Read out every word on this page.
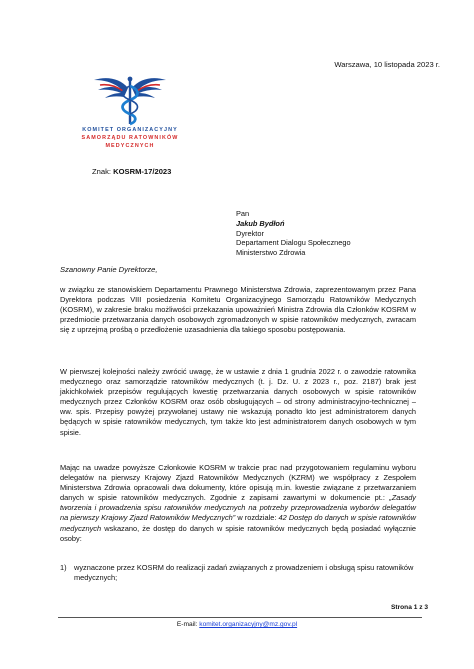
Warszawa, 10 listopada 2023 r.
KOMITET ORGANIZACYJNY
SAMORZĄDU RATOWNIKÓW
MEDYCZNYCH
Znak: KOSRM-17/2023
Pan
Jakub Bydłoń
Dyrektor
Departament Dialogu Społecznego
Ministerstwo Zdrowia
Szanowny Panie Dyrektorze,

w związku ze stanowiskiem Departamentu Prawnego Ministerstwa Zdrowia, zaprezentowanym przez Pana Dyrektora podczas VIII posiedzenia Komitetu Organizacyjnego Samorządu Ratowników Medycznych (KOSRM), w zakresie braku możliwości przekazania upoważnień Ministra Zdrowia dla Członków KOSRM w przedmiocie przetwarzania danych osobowych zgromadzonych w spisie ratowników medycznych, zwracam się z uprzejmą prośbą o przedłożenie uzasadnienia dla takiego sposobu postępowania.

W pierwszej kolejności należy zwrócić uwagę, że w ustawie z dnia 1 grudnia 2022 r. o zawodzie ratownika medycznego oraz samorządzie ratowników medycznych (t. j. Dz. U. z 2023 r., poz. 2187) brak jest jakichkolwiek przepisów regulujących kwestię przetwarzania danych osobowych w spisie ratowników medycznych przez Członków KOSRM oraz osób obsługujących – od strony administracyjno-technicznej – ww. spis. Przepisy powyżej przywołanej ustawy nie wskazują ponadto kto jest administratorem danych będących w spisie ratowników medycznych, tym także kto jest administratorem danych osobowych w tym spisie.

Mając na uwadze powyższe Członkowie KOSRM w trakcie prac nad przygotowaniem regulaminu wyboru delegatów na pierwszy Krajowy Zjazd Ratowników Medycznych (KZRM) we współpracy z Zespołem Ministerstwa Zdrowia opracowali dwa dokumenty, które opisują m.in. kwestie związane z przetwarzaniem danych w spisie ratowników medycznych. Zgodnie z zapisami zawartymi w dokumencie pt.: „Zasady tworzenia i prowadzenia spisu ratowników medycznych na potrzeby przeprowadzenia wyborów delegatów na pierwszy Krajowy Zjazd Ratowników Medycznych” w rozdziale: 42 Dostęp do danych w spisie ratowników medycznych wskazano, że dostęp do danych w spisie ratowników medycznych będą posiadać wyłącznie osoby:

1)	wyznaczone przez KOSRM do realizacji zadań związanych z prowadzeniem i obsługą spisu ratowników medycznych;
Strona 1 z 3
E-mail: komitet.organizacyjny@mz.gov.pl
